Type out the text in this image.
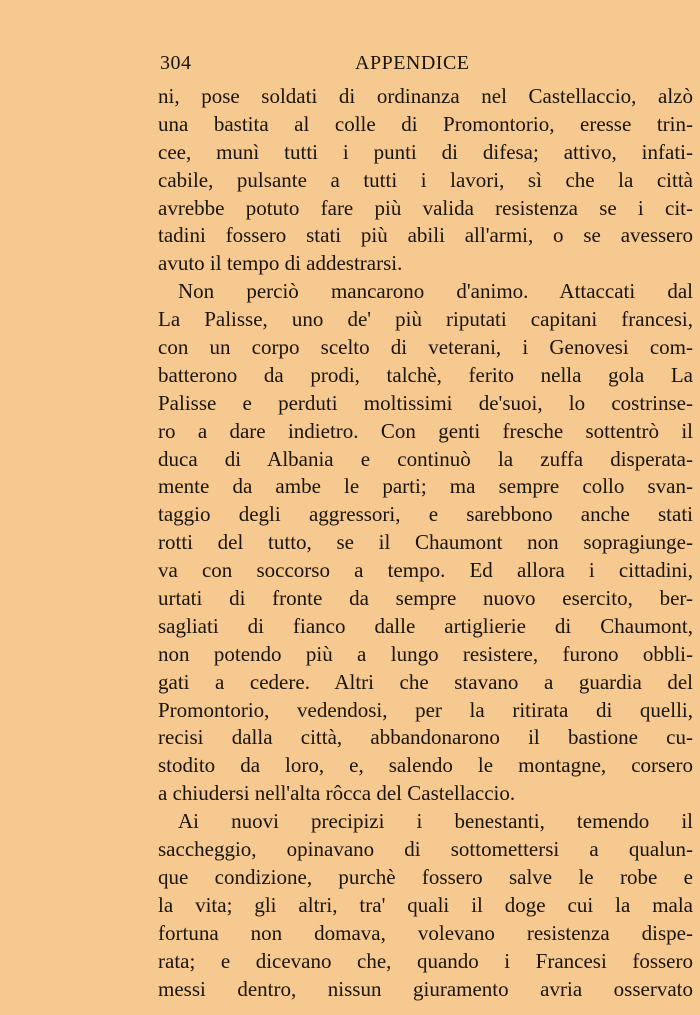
304	APPENDICE
ni, pose soldati di ordinanza nel Castellaccio, alzò
una bastita al colle di Promontorio, eresse trin-
cee, munì tutti i punti di difesa; attivo, infati-
cabile, pulsante a tutti i lavori, sì che la città
avrebbe potuto fare più valida resistenza se i cit-
tadini fossero stati più abili all'armi, o se avessero
avuto il tempo di addestrarsi.
Non perciò mancarono d'animo. Attaccati dal
La Palisse, uno de' più riputati capitani francesi,
con un corpo scelto di veterani, i Genovesi com-
batterono da prodi, talchè, ferito nella gola La
Palisse e perduti moltissimi de'suoi, lo costrinse-
ro a dare indietro. Con genti fresche sottentrò il
duca di Albania e continuò la zuffa disperata-
mente da ambe le parti; ma sempre collo svan-
taggio degli aggressori, e sarebbono anche stati
rotti del tutto, se il Chaumont non sopragiunge-
va con soccorso a tempo. Ed allora i cittadini,
urtati di fronte da sempre nuovo esercito, ber-
sagliati di fianco dalle artiglierie di Chaumont,
non potendo più a lungo resistere, furono obbli-
gati a cedere. Altri che stavano a guardia del
Promontorio, vedendosi, per la ritirata di quelli,
recisi dalla città, abbandonarono il bastione cu-
stodito da loro, e, salendo le montagne, corsero
a chiudersi nell'alta rôcca del Castellaccio.
Ai nuovi precipizi i benestanti, temendo il
saccheggio, opinavano di sottomettersi a qualun-
que condizione, purchè fossero salve le robe e
la vita; gli altri, tra' quali il doge cui la mala
fortuna non domava, volevano resistenza dispe-
rata; e dicevano che, quando i Francesi fossero
messi dentro, nissun giuramento avria osservato
